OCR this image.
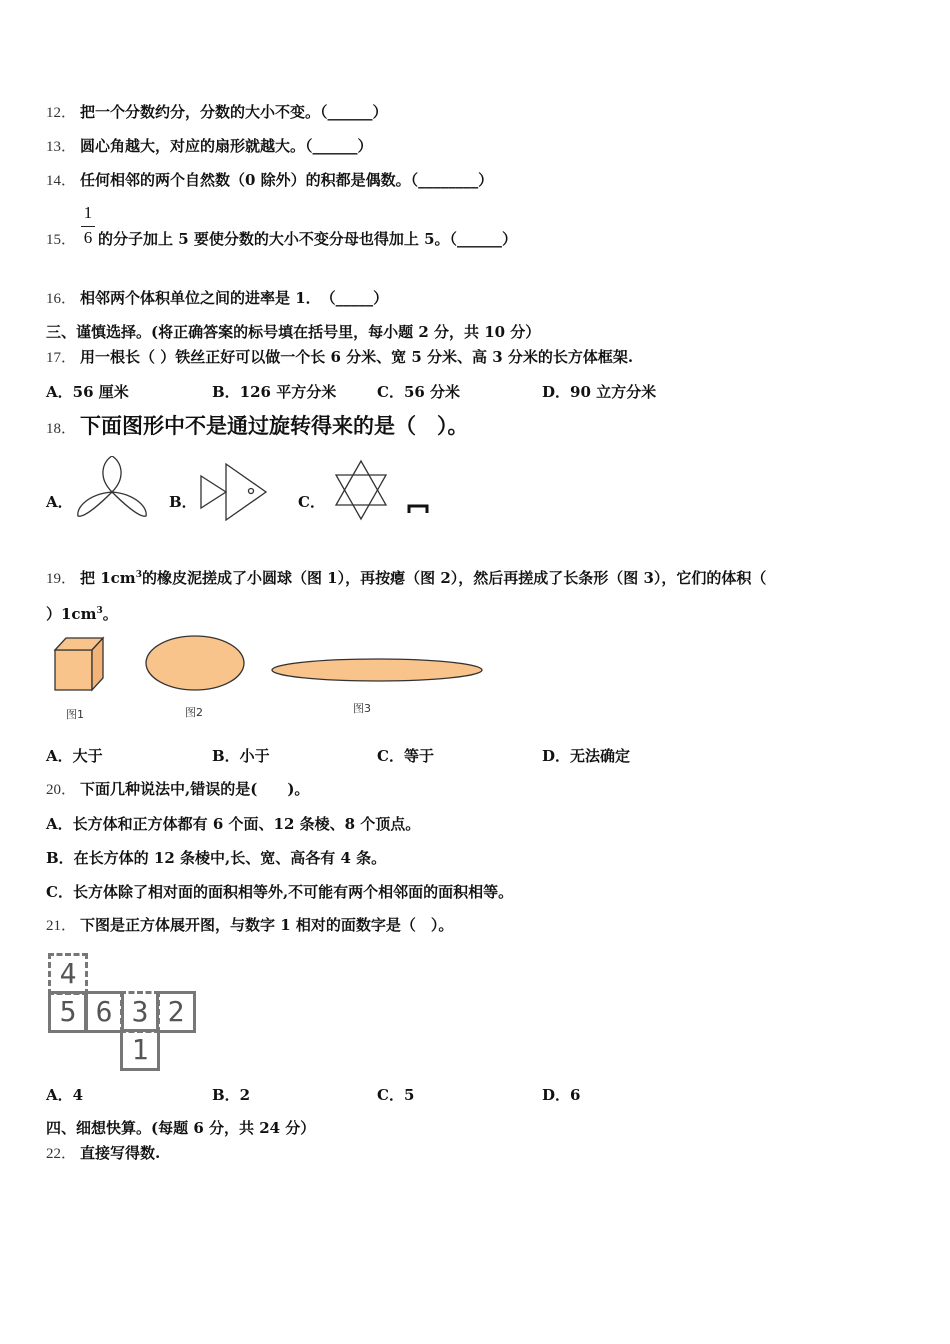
12． 把一个分数约分，分数的大小不变。（______）
13． 圆心角越大，对应的扇形就越大。（______）
14． 任何相邻的两个自然数（0 除外）的积都是偶数。（________）
15． 的分子加上 5 要使分数的大小不变分母也得加上 5。（______）
1
6
16． 相邻两个体积单位之间的进率是 1．　（_____）
三、谨慎选择。(将正确答案的标号填在括号里，每小题 2 分，共 10 分）
17． 用一根长（ ）铁丝正好可以做一个长 6 分米、宽 5 分米、高 3 分米的长方体框架.
A．56 厘米	B．126 平方分米	C．56 分米	D．90 立方分米
18． 下面图形中不是通过旋转得来的是（　）。
A．	B．	C．
19． 把 $1cm^3$的橡皮泥搓成了小圆球（图 1），再按瘪（图 2），然后再搓成了长条形（图 3），它们的体积（
）$1cm^3$。
图1	图2	图3
A．大于	B．小于	C．等于	D．无法确定
20． 下面几种说法中,错误的是(　　)。
A．长方体和正方体都有 6 个面、12 条棱、8 个顶点。
B．在长方体的 12 条棱中,长、宽、高各有 4 条。
C．长方体除了相对面的面积相等外,不可能有两个相邻面的面积相等。
21． 下图是正方体展开图，与数字 1 相对的面数字是（　）。
4
5 6 3 2
1
A．4	B．2	C．5	D．6
四、细想快算。(每题 6 分，共 24 分）
22． 直接写得数.
